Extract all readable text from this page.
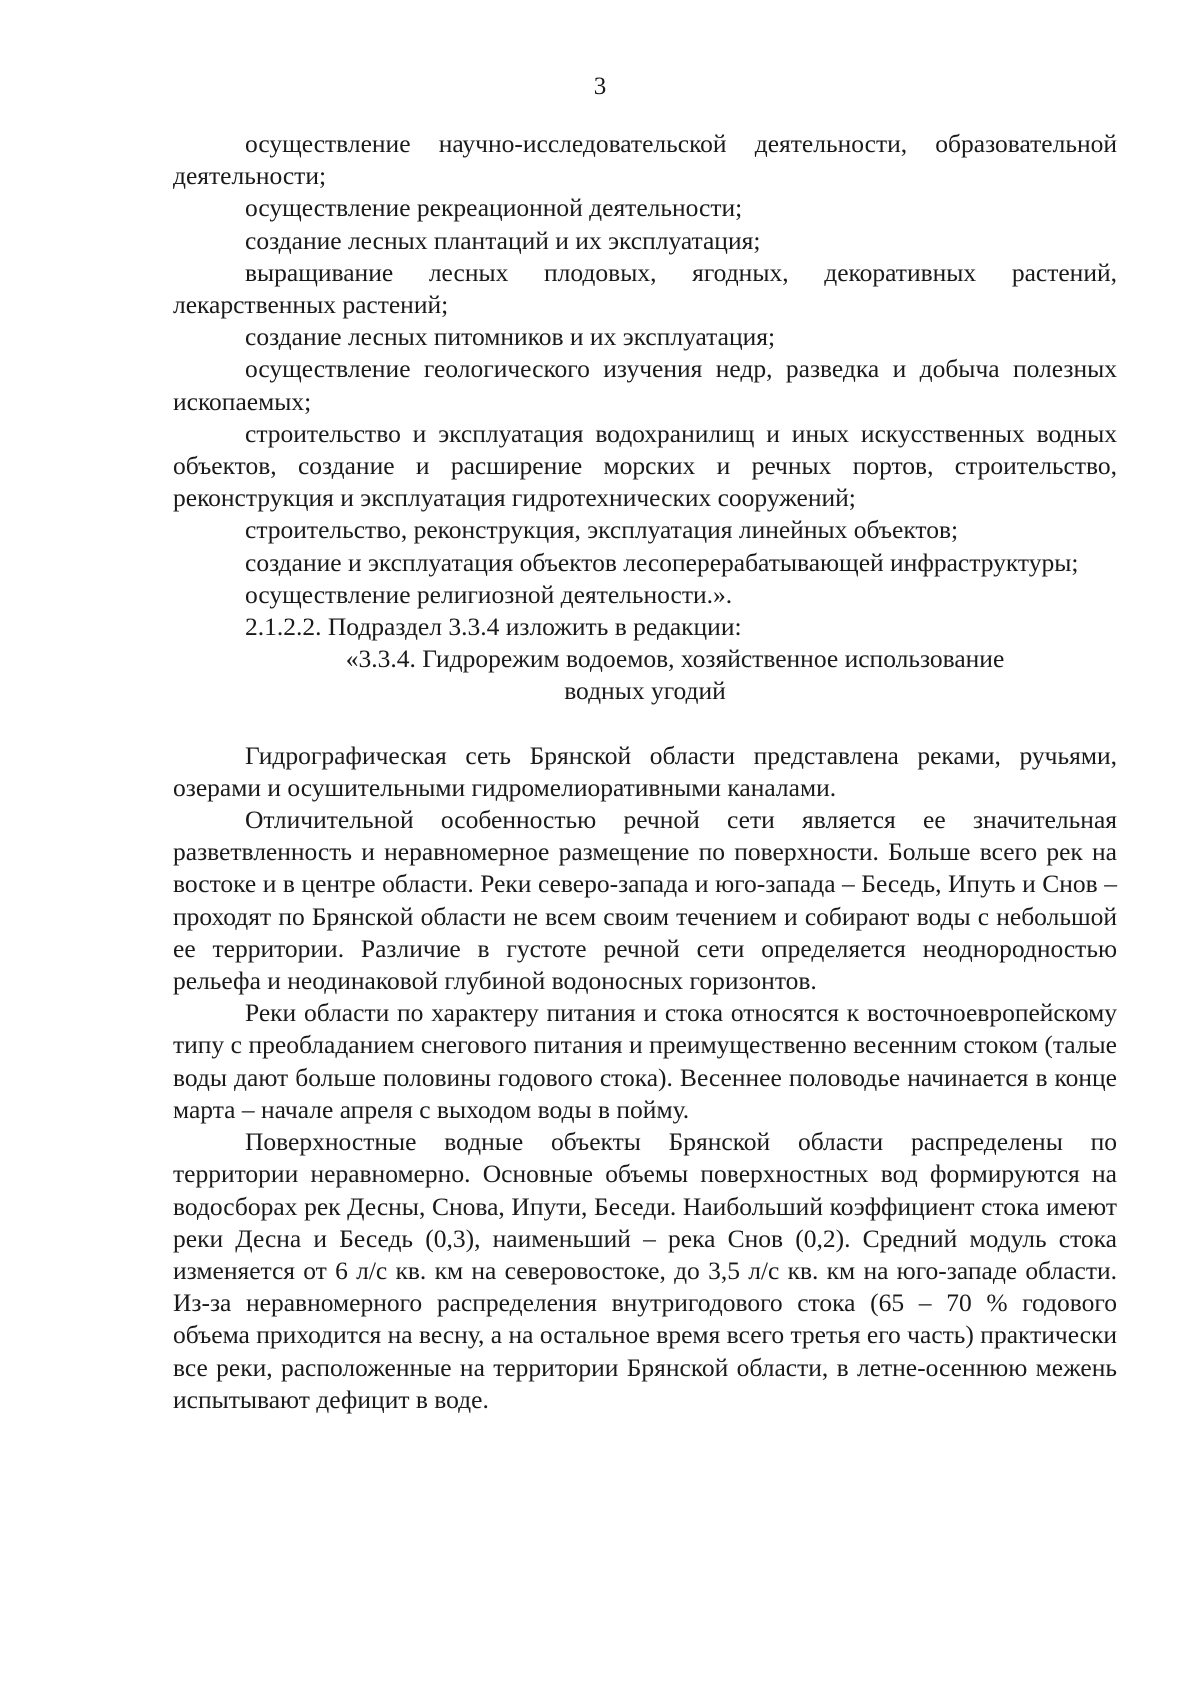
3

осуществление научно-исследовательской деятельности, образовательной деятельности;

осуществление рекреационной деятельности;

создание лесных плантаций и их эксплуатация;

выращивание лесных плодовых, ягодных, декоративных растений, лекарственных растений;

создание лесных питомников и их эксплуатация;

осуществление геологического изучения недр, разведка и добыча полезных ископаемых;

строительство и эксплуатация водохранилищ и иных искусственных водных объектов, создание и расширение морских и речных портов, строительство, реконструкция и эксплуатация гидротехнических сооружений;

строительство, реконструкция, эксплуатация линейных объектов;

создание и эксплуатация объектов лесоперерабатывающей инфраструктуры;

осуществление религиозной деятельности.».

2.1.2.2. Подраздел 3.3.4 изложить в редакции:

«3.3.4. Гидрорежим водоемов, хозяйственное использование
водных угодий

Гидрографическая сеть Брянской области представлена реками, ручьями, озерами и осушительными гидромелиоративными каналами.

Отличительной особенностью речной сети является ее значительная разветвленность и неравномерное размещение по поверхности. Больше всего рек на востоке и в центре области. Реки северо-запада и юго-запада – Беседь, Ипуть и Снов – проходят по Брянской области не всем своим течением и собирают воды с небольшой ее территории. Различие в густоте речной сети определяется неоднородностью рельефа и неодинаковой глубиной водоносных горизонтов.

Реки области по характеру питания и стока относятся к восточноевропейскому типу с преобладанием снегового питания и преимущественно весенним стоком (талые воды дают больше половины годового стока). Весеннее половодье начинается в конце марта – начале апреля с выходом воды в пойму.

Поверхностные водные объекты Брянской области распределены по территории неравномерно. Основные объемы поверхностных вод формируются на водосборах рек Десны, Снова, Ипути, Беседи. Наибольший коэффициент стока имеют реки Десна и Беседь (0,3), наименьший – река Снов (0,2). Средний модуль стока изменяется от 6 л/с кв. км на северовостоке, до 3,5 л/с кв. км на юго-западе области. Из-за неравномерного распределения внутригодового стока (65 – 70 % годового объема приходится на весну, а на остальное время всего третья его часть) практически все реки, расположенные на территории Брянской области, в летне-осеннюю межень испытывают дефицит в воде.
